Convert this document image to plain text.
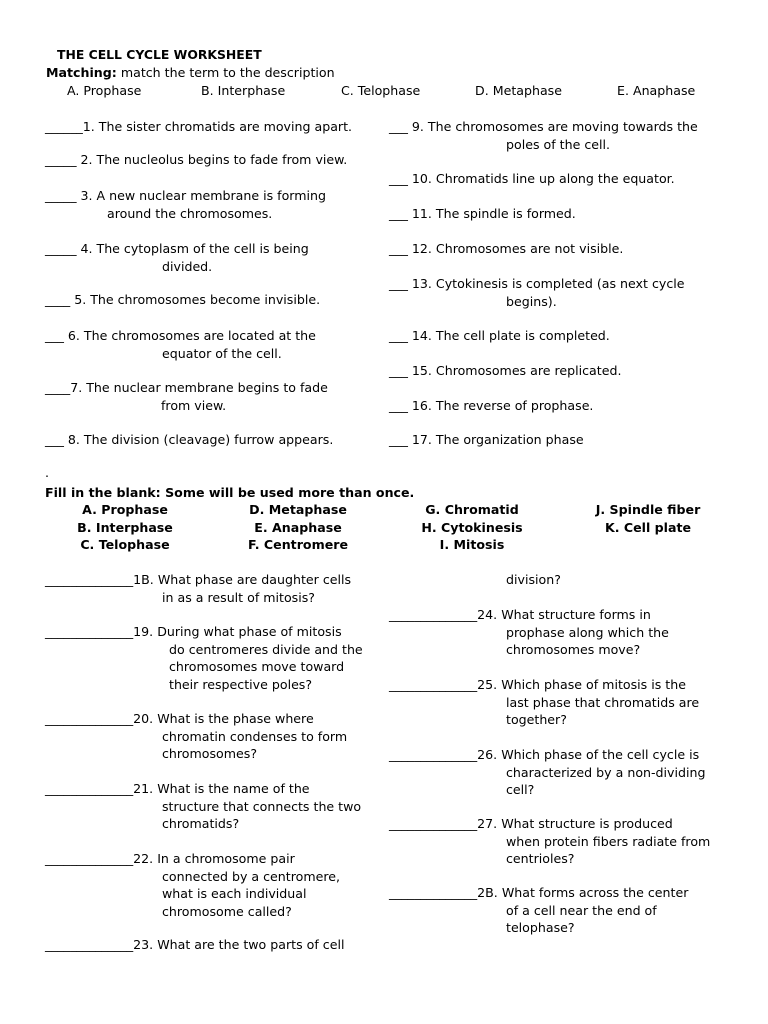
THE CELL CYCLE WORKSHEET
Matching: match the term to the description
A. Prophase	B. Interphase	C. Telophase	D. Metaphase	E. Anaphase
______1. The sister chromatids are moving apart.
_____ 2. The nucleolus begins to fade from view.
_____ 3. A new nuclear membrane is forming
around the chromosomes.
_____ 4. The cytoplasm of the cell is being
divided.
____ 5. The chromosomes become invisible.
___ 6. The chromosomes are located at the
equator of the cell.
____7. The nuclear membrane begins to fade
from view.
___ 8. The division (cleavage) furrow appears.
___ 9. The chromosomes are moving towards the
poles of the cell.
___ 10. Chromatids line up along the equator.
___ 11. The spindle is formed.
___ 12. Chromosomes are not visible.
___ 13. Cytokinesis is completed (as next cycle
begins).
___ 14. The cell plate is completed.
___ 15. Chromosomes are replicated.
___ 16. The reverse of prophase.
___ 17. The organization phase
.
Fill in the blank: Some will be used more than once.
A. Prophase
B. Interphase
C. Telophase
D. Metaphase
E. Anaphase
F. Centromere
G. Chromatid
H. Cytokinesis
I. Mitosis
J. Spindle fiber
K. Cell plate
______________1B. What phase are daughter cells
in as a result of mitosis?
______________19. During what phase of mitosis
do centromeres divide and the
chromosomes move toward
their respective poles?
______________20. What is the phase where
chromatin condenses to form
chromosomes?
______________21. What is the name of the
structure that connects the two
chromatids?
______________22. In a chromosome pair
connected by a centromere,
what is each individual
chromosome called?
______________23. What are the two parts of cell
division?
______________24. What structure forms in
prophase along which the
chromosomes move?
______________25. Which phase of mitosis is the
last phase that chromatids are
together?
______________26. Which phase of the cell cycle is
characterized by a non-dividing
cell?
______________27. What structure is produced
when protein fibers radiate from
centrioles?
______________2B. What forms across the center
of a cell near the end of
telophase?
